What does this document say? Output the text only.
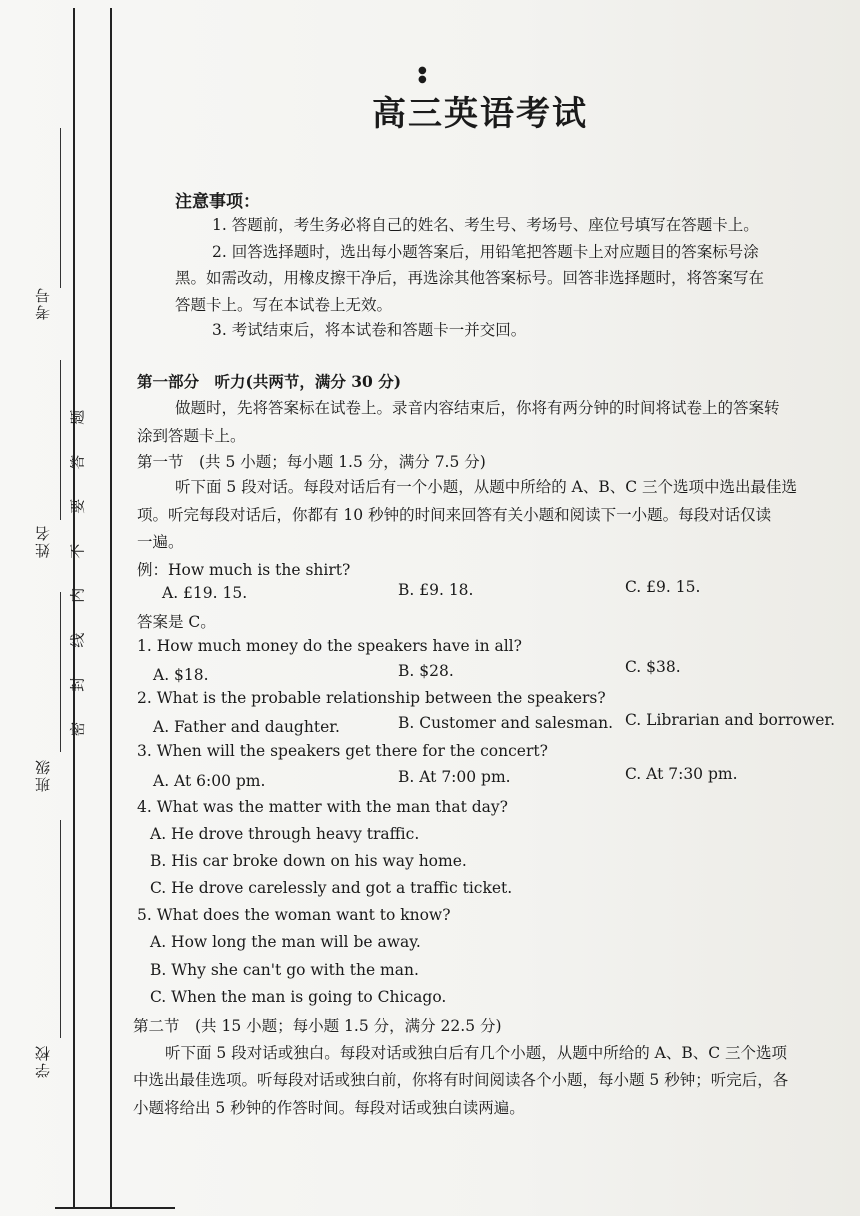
考号
姓名
班级
学校
题
答
要
不
内
线
封
密
●
●
高三英语考试
注意事项：
1. 答题前，考生务必将自己的姓名、考生号、考场号、座位号填写在答题卡上。
2. 回答选择题时，选出每小题答案后，用铅笔把答题卡上对应题目的答案标号涂
黑。如需改动，用橡皮擦干净后，再选涂其他答案标号。回答非选择题时，将答案写在
答题卡上。写在本试卷上无效。
3. 考试结束后，将本试卷和答题卡一并交回。
第一部分　听力(共两节，满分 30 分)
做题时，先将答案标在试卷上。录音内容结束后，你将有两分钟的时间将试卷上的答案转
涂到答题卡上。
第一节　(共 5 小题；每小题 1.5 分，满分 7.5 分)
听下面 5 段对话。每段对话后有一个小题，从题中所给的 A、B、C 三个选项中选出最佳选
项。听完每段对话后，你都有 10 秒钟的时间来回答有关小题和阅读下一小题。每段对话仅读
一遍。
例：How much is the shirt?
A. £19. 15.	B. £9. 18.	C. £9. 15.
答案是 C。
1. How much money do the speakers have in all?
A. $18.	B. $28.	C. $38.
2. What is the probable relationship between the speakers?
A. Father and daughter.	B. Customer and salesman. C. Librarian and borrower.
3. When will the speakers get there for the concert?
A. At 6:00 pm.	B. At 7:00 pm.	C. At 7:30 pm.
4. What was the matter with the man that day?
A. He drove through heavy traffic.
B. His car broke down on his way home.
C. He drove carelessly and got a traffic ticket.
5. What does the woman want to know?
A. How long the man will be away.
B. Why she can't go with the man.
C. When the man is going to Chicago.
第二节　(共 15 小题；每小题 1.5 分，满分 22.5 分)
听下面 5 段对话或独白。每段对话或独白后有几个小题，从题中所给的 A、B、C 三个选项
中选出最佳选项。听每段对话或独白前，你将有时间阅读各个小题，每小题 5 秒钟；听完后，各
小题将给出 5 秒钟的作答时间。每段对话或独白读两遍。
